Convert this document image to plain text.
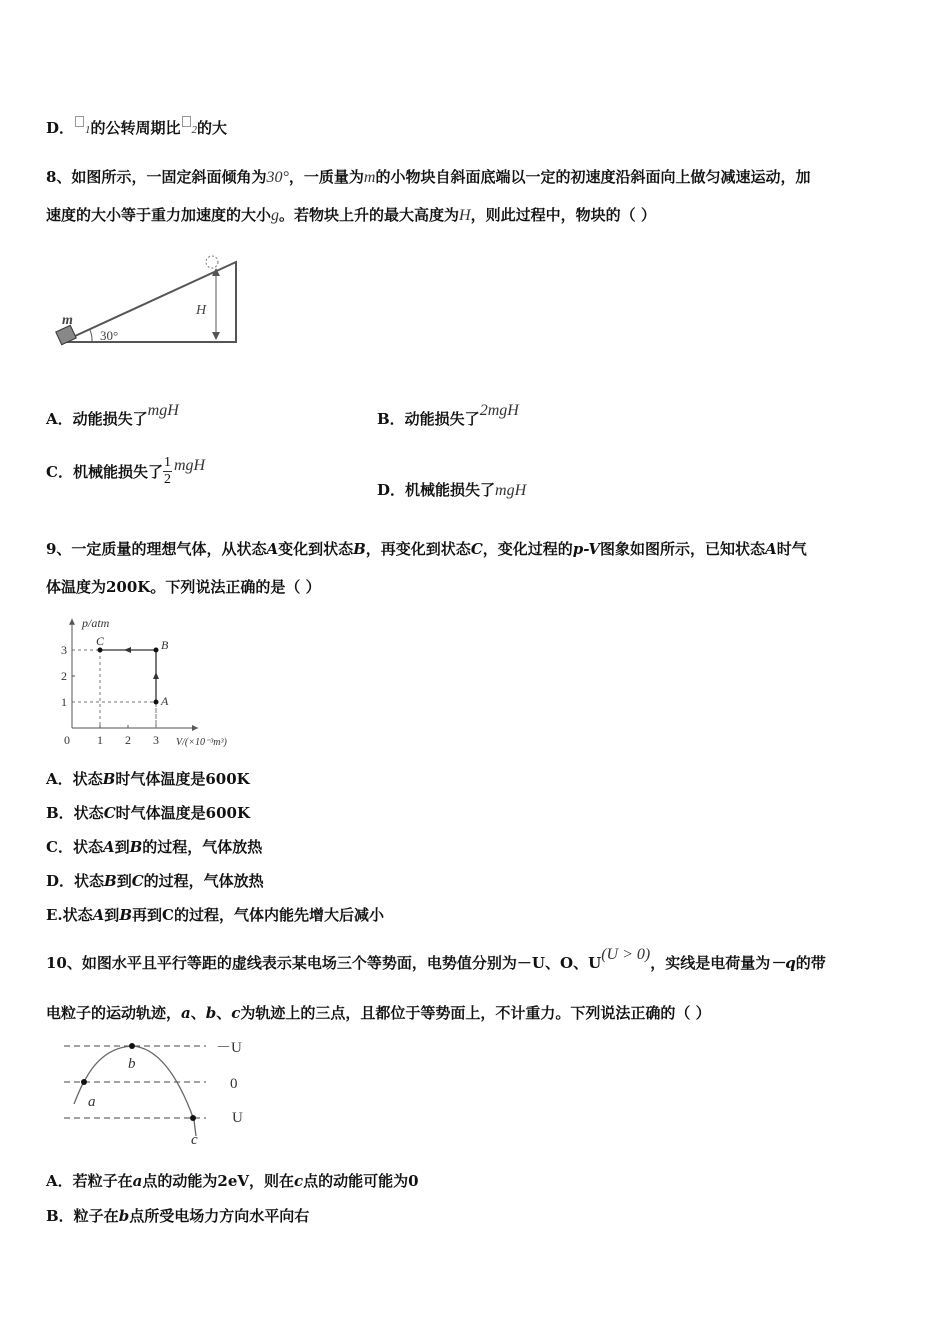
D． 1的公转周期比 2的大
8、如图所示，一固定斜面倾角为30°，一质量为m的小物块自斜面底端以一定的初速度沿斜面向上做匀减速运动，加
速度的大小等于重力加速度的大小g。若物块上升的最大高度为H，则此过程中，物块的（ ）
m
30°
H
A．动能损失了mgH	B．动能损失了2mgH
C．机械能损失了 $\frac{1}{2}$ mgH
D．机械能损失了mgH
9、一定质量的理想气体，从状态A变化到状态B，再变化到状态C，变化过程的p-V图象如图所示，已知状态A时气
体温度为200K。下列说法正确的是（ ）
p/atm
V/(×10⁻³m³)
0 1 2 3
1
2
3
A
B
C
A．状态B时气体温度是600K
B．状态C时气体温度是600K
C．状态A到B的过程，气体放热
D．状态B到C的过程，气体放热
E.状态A到B再到C的过程，气体内能先增大后减小
10、如图水平且平行等距的虚线表示某电场三个等势面，电势值分别为－U、O、U(U > 0)，实线是电荷量为－q的带
电粒子的运动轨迹，a、b、c为轨迹上的三点，且都位于等势面上，不计重力。下列说法正确的（ ）
a
b
c
－U
0
U
A．若粒子在a点的动能为2eV，则在c点的动能可能为0
B．粒子在b点所受电场力方向水平向右
